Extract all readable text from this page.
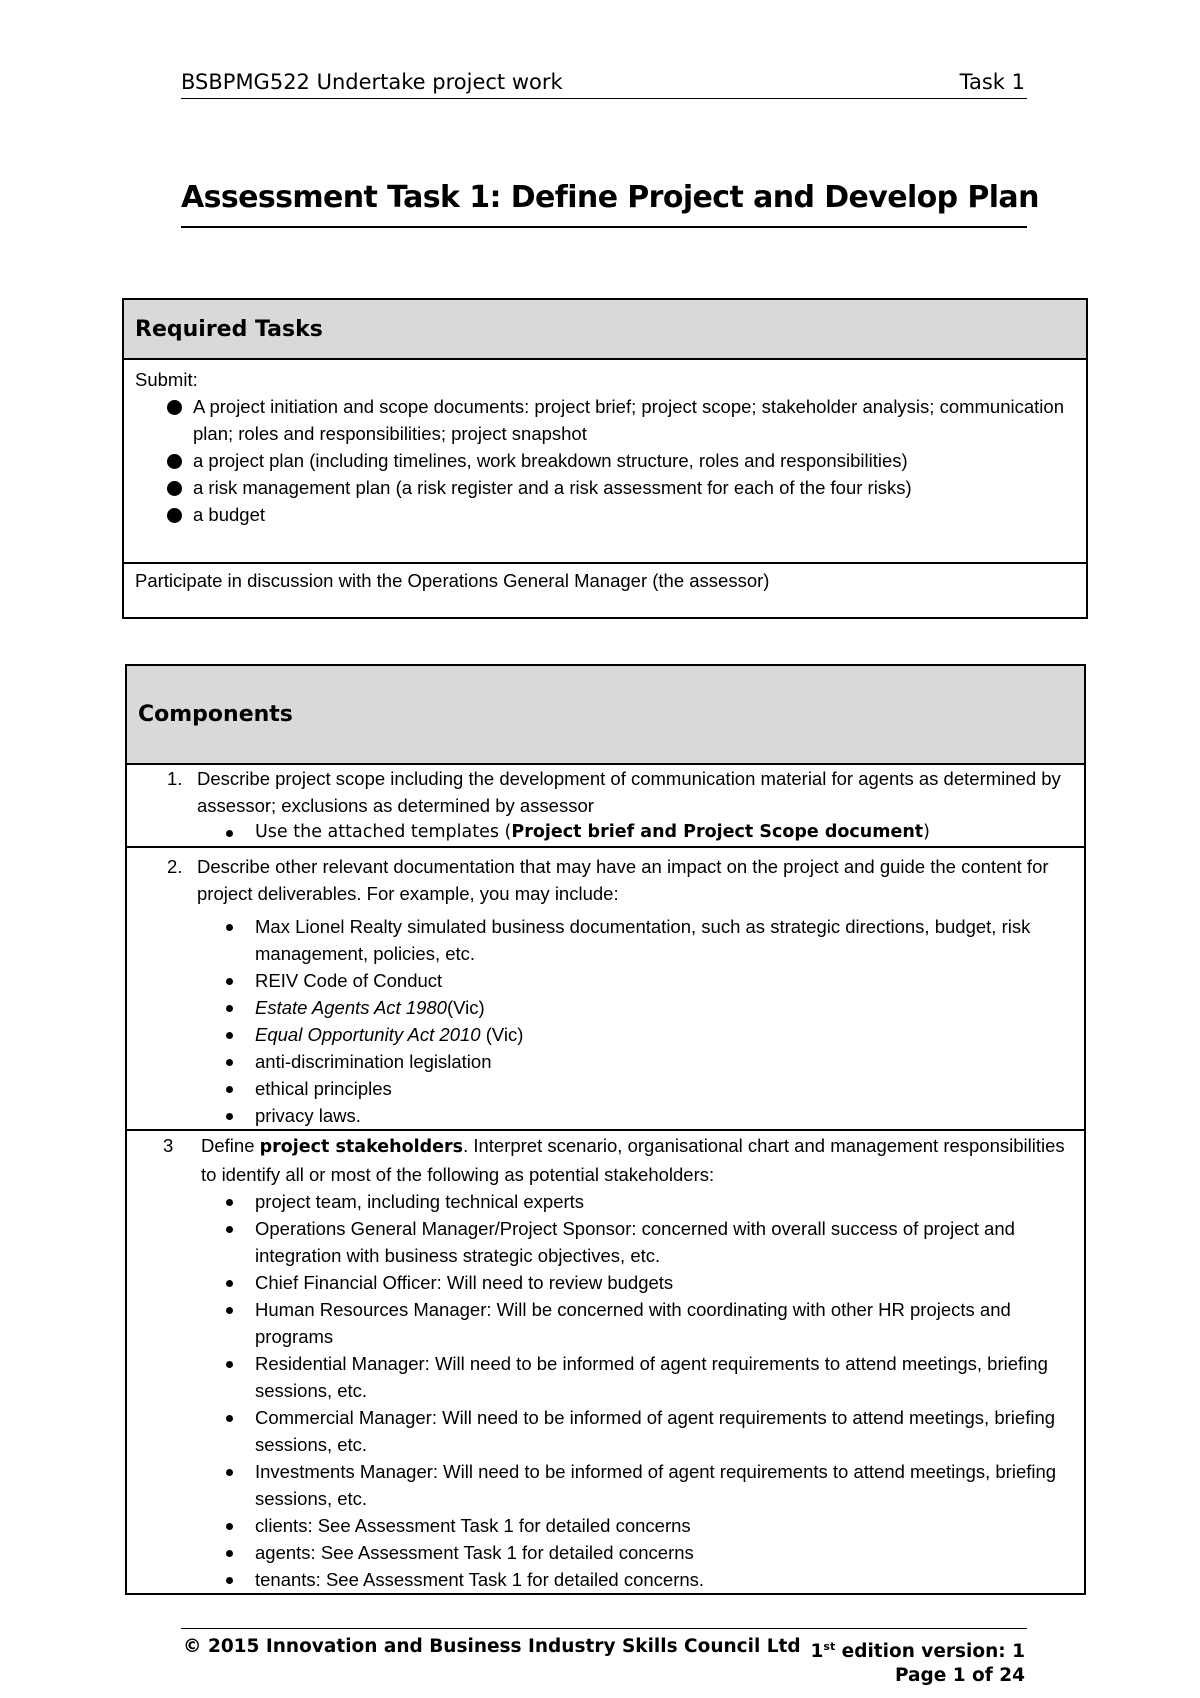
BSBPMG522 Undertake project work	Task 1
Assessment Task 1: Define Project and Develop Plan
Required Tasks

Submit:
A project initiation and scope documents: project brief; project scope; stakeholder analysis; communication plan; roles and responsibilities; project snapshot
a project plan (including timelines, work breakdown structure, roles and responsibilities)
a risk management plan (a risk register and a risk assessment for each of the four risks)
a budget

Participate in discussion with the Operations General Manager (the assessor)
Components

1. Describe project scope including the development of communication material for agents as determined by assessor; exclusions as determined by assessor
Use the attached templates (Project brief and Project Scope document)

2. Describe other relevant documentation that may have an impact on the project and guide the content for project deliverables. For example, you may include:
Max Lionel Realty simulated business documentation, such as strategic directions, budget, risk management, policies, etc.
REIV Code of Conduct
Estate Agents Act 1980(Vic)
Equal Opportunity Act 2010 (Vic)
anti-discrimination legislation
ethical principles
privacy laws.

3 Define project stakeholders. Interpret scenario, organisational chart and management responsibilities to identify all or most of the following as potential stakeholders:
project team, including technical experts
Operations General Manager/Project Sponsor: concerned with overall success of project and integration with business strategic objectives, etc.
Chief Financial Officer: Will need to review budgets
Human Resources Manager: Will be concerned with coordinating with other HR projects and programs
Residential Manager: Will need to be informed of agent requirements to attend meetings, briefing sessions, etc.
Commercial Manager: Will need to be informed of agent requirements to attend meetings, briefing sessions, etc.
Investments Manager: Will need to be informed of agent requirements to attend meetings, briefing sessions, etc.
clients: See Assessment Task 1 for detailed concerns
agents: See Assessment Task 1 for detailed concerns
tenants: See Assessment Task 1 for detailed concerns.
© 2015 Innovation and Business Industry Skills Council Ltd 1st edition version: 1
Page 1 of 24
